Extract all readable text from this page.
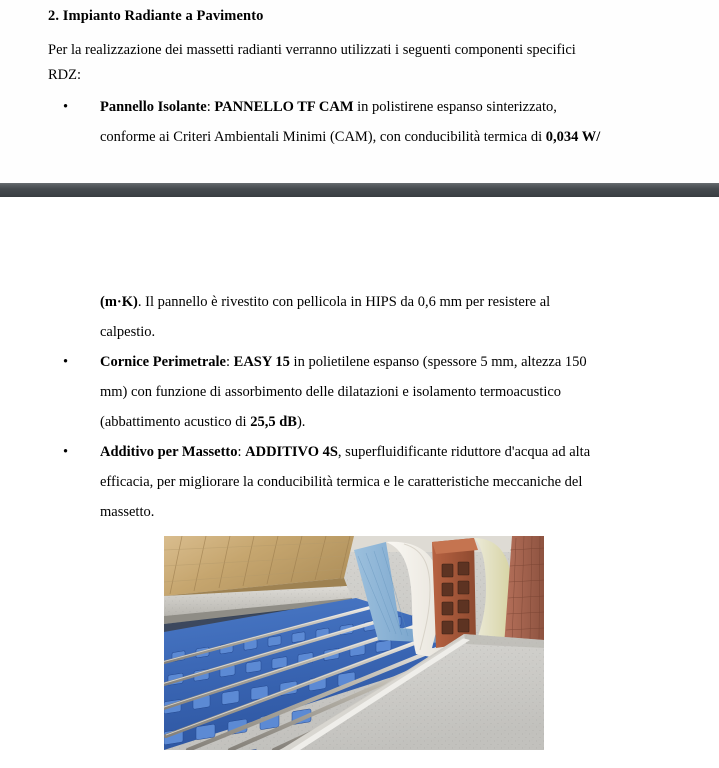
2. Impianto Radiante a Pavimento
Per la realizzazione dei massetti radianti verranno utilizzati i seguenti componenti specifici
RDZ:
• Pannello Isolante: PANNELLO TF CAM in polistirene espanso sinterizzato,
conforme ai Criteri Ambientali Minimi (CAM), con conducibilità termica di 0,034 W/
(m·K). Il pannello è rivestito con pellicola in HIPS da 0,6 mm per resistere al
calpestio.
• Cornice Perimetrale: EASY 15 in polietilene espanso (spessore 5 mm, altezza 150
mm) con funzione di assorbimento delle dilatazioni e isolamento termoacustico
(abbattimento acustico di 25,5 dB).
• Additivo per Massetto: ADDITIVO 4S, superfluidificante riduttore d'acqua ad alta
efficacia, per migliorare la conducibilità termica e le caratteristiche meccaniche del
massetto.
